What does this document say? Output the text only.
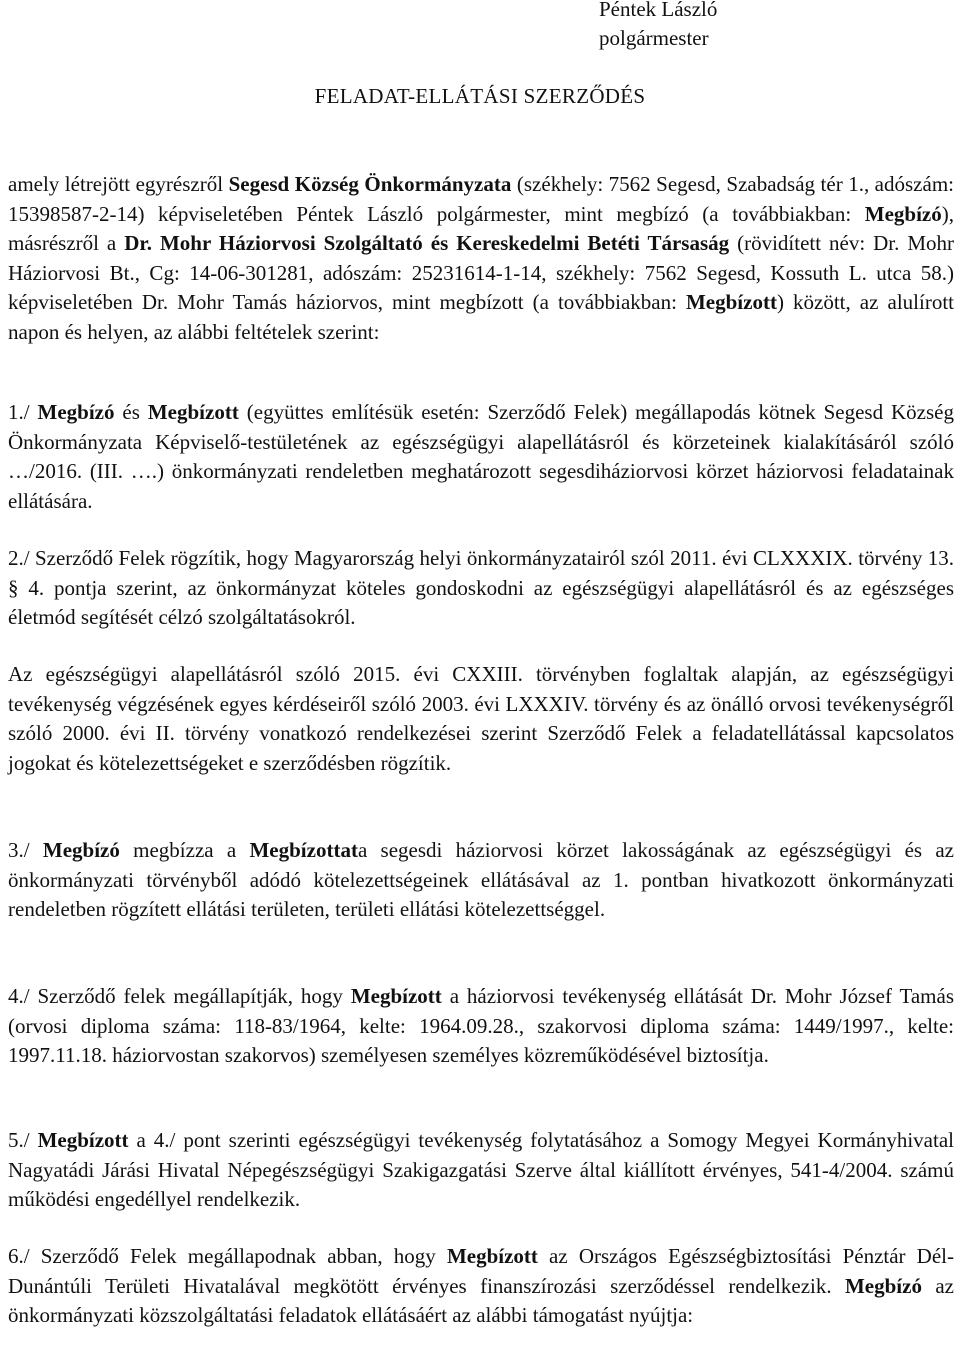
Péntek László
polgármester
FELADAT-ELLÁTÁSI SZERZŐDÉS

amely létrejött egyrészről Segesd Község Önkormányzata (székhely: 7562 Segesd, Szabadság tér 1., adószám: 15398587-2-14) képviseletében Péntek László polgármester, mint megbízó (a továbbiakban: Megbízó), másrészről a Dr. Mohr Háziorvosi Szolgáltató és Kereskedelmi Betéti Társaság (rövidített név: Dr. Mohr Háziorvosi Bt., Cg: 14-06-301281, adószám: 25231614-1-14, székhely: 7562 Segesd, Kossuth L. utca 58.) képviseletében Dr. Mohr Tamás háziorvos, mint megbízott (a továbbiakban: Megbízott) között, az alulírott napon és helyen, az alábbi feltételek szerint:

1./ Megbízó és Megbízott (együttes említésük esetén: Szerződő Felek) megállapodás kötnek Segesd Község Önkormányzata Képviselő-testületének az egészségügyi alapellátásról és körzeteinek kialakításáról szóló …/2016. (III. ….) önkormányzati rendeletben meghatározott segesdiháziorvosi körzet háziorvosi feladatainak ellátására.

2./ Szerződő Felek rögzítik, hogy Magyarország helyi önkormányzatairól szól 2011. évi CLXXXIX. törvény 13. § 4. pontja szerint, az önkormányzat köteles gondoskodni az egészségügyi alapellátásról és az egészséges életmód segítését célzó szolgáltatásokról.

Az egészségügyi alapellátásról szóló 2015. évi CXXIII. törvényben foglaltak alapján, az egészségügyi tevékenység végzésének egyes kérdéseiről szóló 2003. évi LXXXIV. törvény és az önálló orvosi tevékenységről szóló 2000. évi II. törvény vonatkozó rendelkezései szerint Szerződő Felek a feladatellátással kapcsolatos jogokat és kötelezettségeket e szerződésben rögzítik.

3./ Megbízó megbízza a Megbízottata segesdi háziorvosi körzet lakosságának az egészségügyi és az önkormányzati törvényből adódó kötelezettségeinek ellátásával az 1. pontban hivatkozott önkormányzati rendeletben rögzített ellátási területen, területi ellátási kötelezettséggel.

4./ Szerződő felek megállapítják, hogy Megbízott a háziorvosi tevékenység ellátását Dr. Mohr József Tamás (orvosi diploma száma: 118-83/1964, kelte: 1964.09.28., szakorvosi diploma száma: 1449/1997., kelte: 1997.11.18. háziorvostan szakorvos) személyesen személyes közreműködésével biztosítja.

5./ Megbízott a 4./ pont szerinti egészségügyi tevékenység folytatásához a Somogy Megyei Kormányhivatal Nagyatádi Járási Hivatal Népegészségügyi Szakigazgatási Szerve által kiállított érvényes, 541-4/2004. számú működési engedéllyel rendelkezik.

6./ Szerződő Felek megállapodnak abban, hogy Megbízott az Országos Egészségbiztosítási Pénztár Dél-Dunántúli Területi Hivatalával megkötött érvényes finanszírozási szerződéssel rendelkezik. Megbízó az önkormányzati közszolgáltatási feladatok ellátásáért az alábbi támogatást nyújtja:
